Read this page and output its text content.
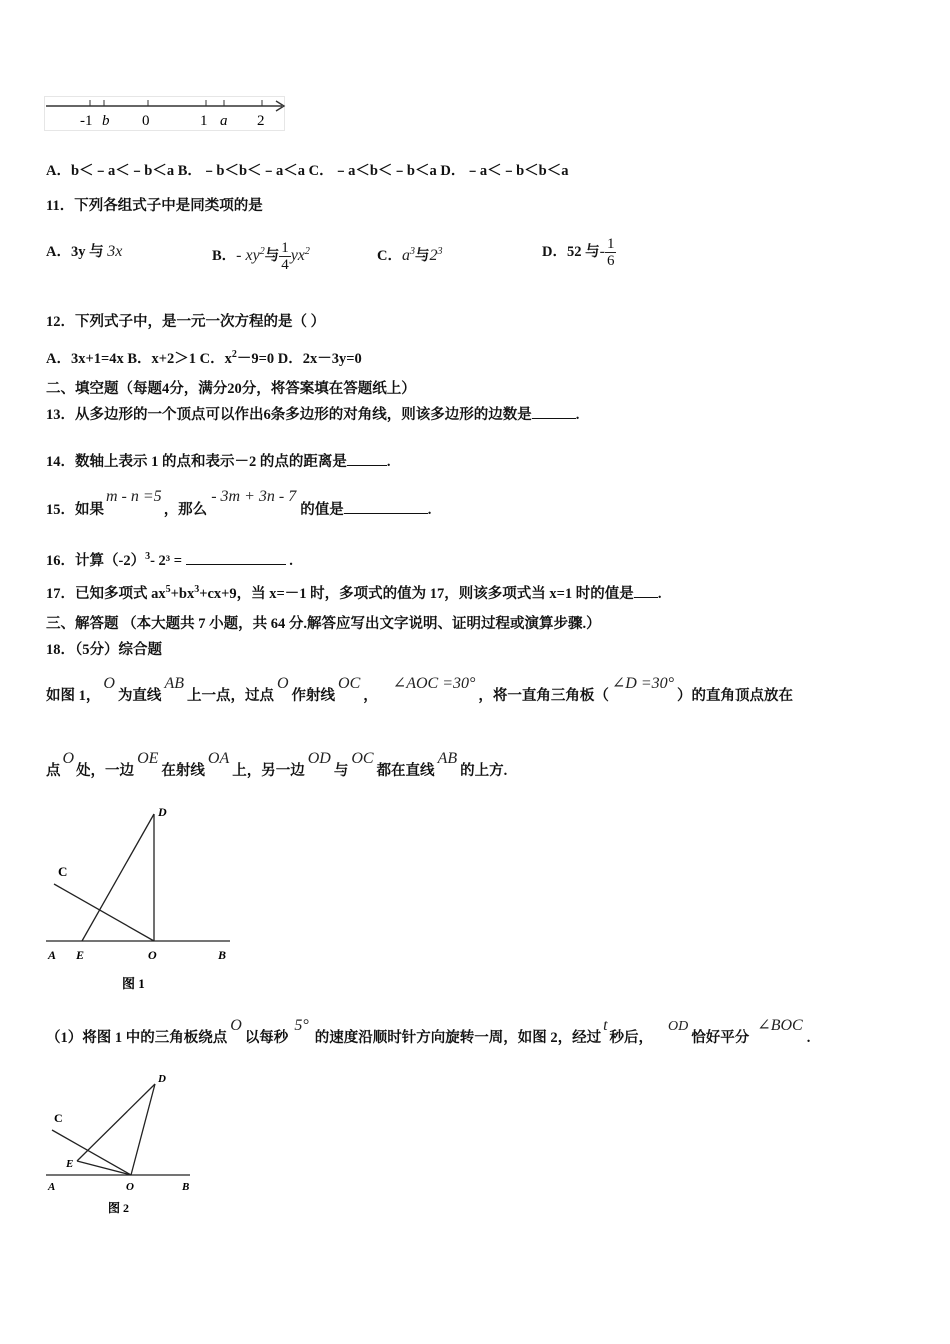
-1 b 0	1 a 2
A．b＜﹣a＜﹣b＜a B．﹣b＜b＜﹣a＜a C．﹣a＜b＜﹣b＜a D．﹣a＜﹣b＜b＜a
11．下列各组式子中是同类项的是
A．3y 与 3x	B．- $xy^2$与 $\frac{1}{4} yx^2$	C．$a^3$与$2^3$	D．52 与- $\frac{1}{6}$
12．下列式子中，是一元一次方程的是（ ）
A．3x+1=4x B．x+2＞1 C．$x^2-9=0$ D．2x－3y=0
二、填空题（每题4分，满分20分，将答案填在答题纸上）
13．从多边形的一个顶点可以作出6条多边形的对角线，则该多边形的边数是	.
14．数轴上表示 1 的点和表示－2 的点的距离是	.
15．如果m - n =5，那么- 3m + 3n - 7的值是	.
16．计算$(-2)^3-$ 2³ =	.
17．已知多项式 $ax^5+bx^3+cx+9$，当 x=－1 时，多项式的值为 17，则该多项式当 x=1 时的值是 .
三、解答题 （本大题共 7 小题，共 64 分.解答应写出文字说明、证明过程或演算步骤.）
18．（5分）综合题
如图 1，O为直线AB上一点，过点O作射线OC，∠AOC =30°，将一直角三角板（∠D =30°）的直角顶点放在
点O处，一边OE在射线OA上，另一边OD与OC都在直线AB的上方.
D
C
A E	O	B
图 1
（1）将图 1 中的三角板绕点O以每秒5°的速度沿顺时针方向旋转一周，如图 2，经过t秒后，OD恰好平分∠BOC.
D
C
E
A	O	B
图 2
